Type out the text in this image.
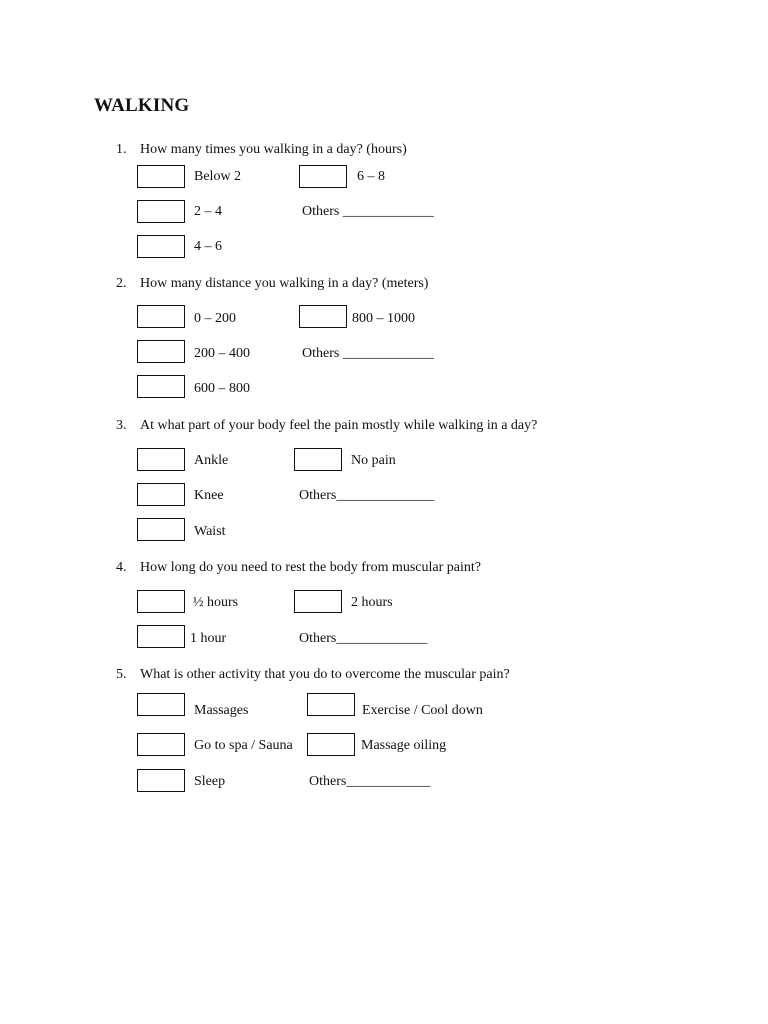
WALKING
1. How many times you walking in a day? (hours)
Below 2	6 – 8
2 – 4	Others _____________
4 – 6
2. How many distance you walking in a day? (meters)
0 – 200	800 – 1000
200 – 400	Others _____________
600 – 800
3. At what part of your body feel the pain mostly while walking in a day?
Ankle	No pain
Knee	Others______________
Waist
4. How long do you need to rest the body from muscular paint?
½ hours	2 hours
1 hour	Others_____________
5. What is other activity that you do to overcome the muscular pain?
Massages	Exercise / Cool down
Go to spa / Sauna	Massage oiling
Sleep	Others____________
